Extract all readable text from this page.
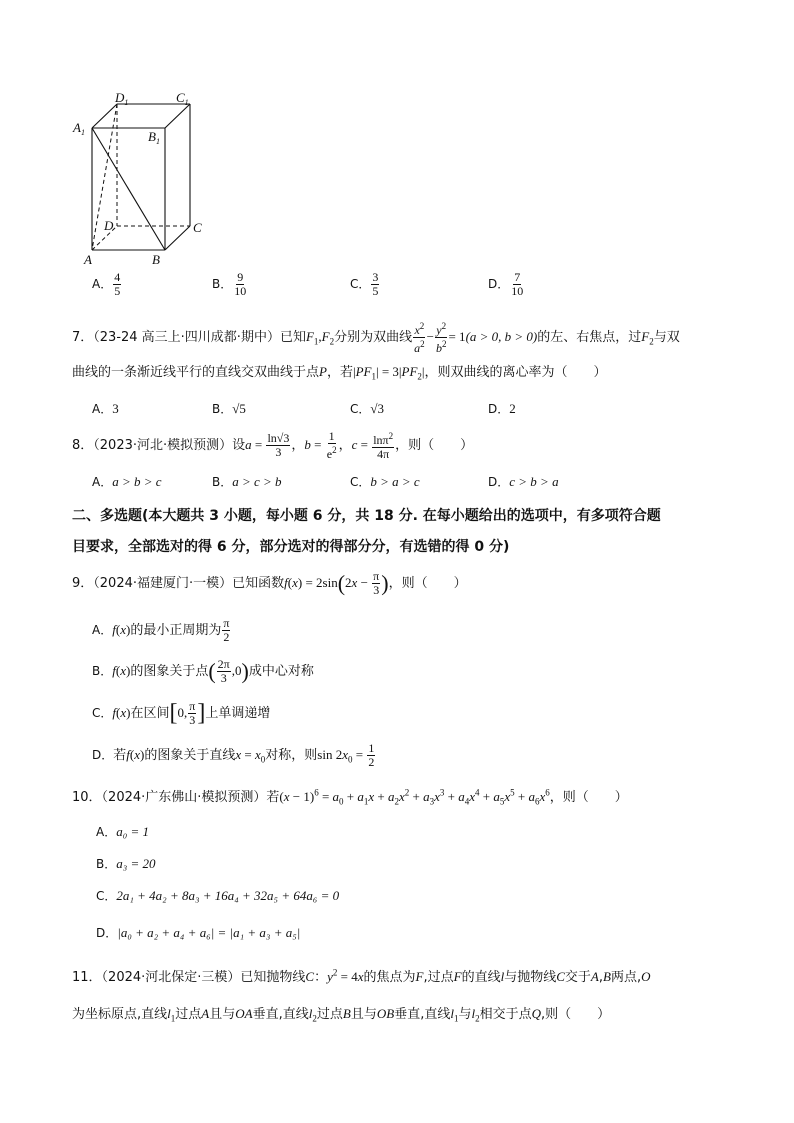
$D_1$	$C_1$
$A_1$	$B_1$
D	C
A	B
A． $\frac{4}{5}$	B． $\frac{9}{10}$	C． $\frac{3}{5}$	D． $\frac{7}{10}$
7．（23-24 高三上·四川成都·期中）已知$F_1,F_2$分别为双曲线 $\frac{x^2}{a^2} - \frac{y^2}{b^2} = 1(a > 0$, b > 0)的左、右焦点，过$F_2$与双
曲线的一条渐近线平行的直线交双曲线于点P，若$|PF_1| = 3|PF_2|$，则双曲线的离心率为（　　）
A．3	B．√5	C．√3	D．2
8．（2023·河北·模拟预测）设$a = \frac{\ln√3}{3}$ ，$b = \frac{1}{e^2}$ ，$c = \frac{\ln\pi^2}{4\pi}$ ，则（　　）
A．a > b > c	B．a > c > b	C．b > a > c	D．c > b > a
二、多选题(本大题共 3 小题，每小题 6 分，共 18 分. 在每小题给出的选项中，有多项符合题
目要求，全部选对的得 6 分，部分选对的得部分分，有选错的得 0 分)
9．（2024·福建厦门·一模）已知函数$f(x) = 2\sin(2x - \frac{\pi}{3}$ )，则（　　）
A．f(x)的最小正周期为 $\frac{\pi}{2}$
B．f(x)的图象关于点( $\frac{2\pi}{3} ,0$)成中心对称
C．f(x)在区间[0, $\frac{\pi}{3}$ ]上单调递增
D．若f(x)的图象关于直线$x = x_0$对称，则$\sin 2x_0 = \frac{1}{2}$
10．（2024·广东佛山·模拟预测）若$(x - 1)^6 = a_0 + a_1x + a_2x^2 + a_3x^3 + a_4x^4 + a_5x^5 + a_6x^6$，则（　　）
A．a₀ = 1
B．a₃ = 20
C．2a₁ + 4a₂ + 8a₃ + 16a₄ + 32a₅ + 64a₆ = 0
D．|a₀ + a₂ + a₄ + a₆| = |a₁ + a₃ + a₅|
11．（2024·河北保定·三模）已知抛物线C：$y^2 = 4x$的焦点为F,过点F的直线l与抛物线C交于A,B两点,O
为坐标原点,直线$l_1$过点A且与OA垂直,直线$l_2$过点B且与OB垂直,直线$l_1$与$l_2$相交于点Q,则（　　）
